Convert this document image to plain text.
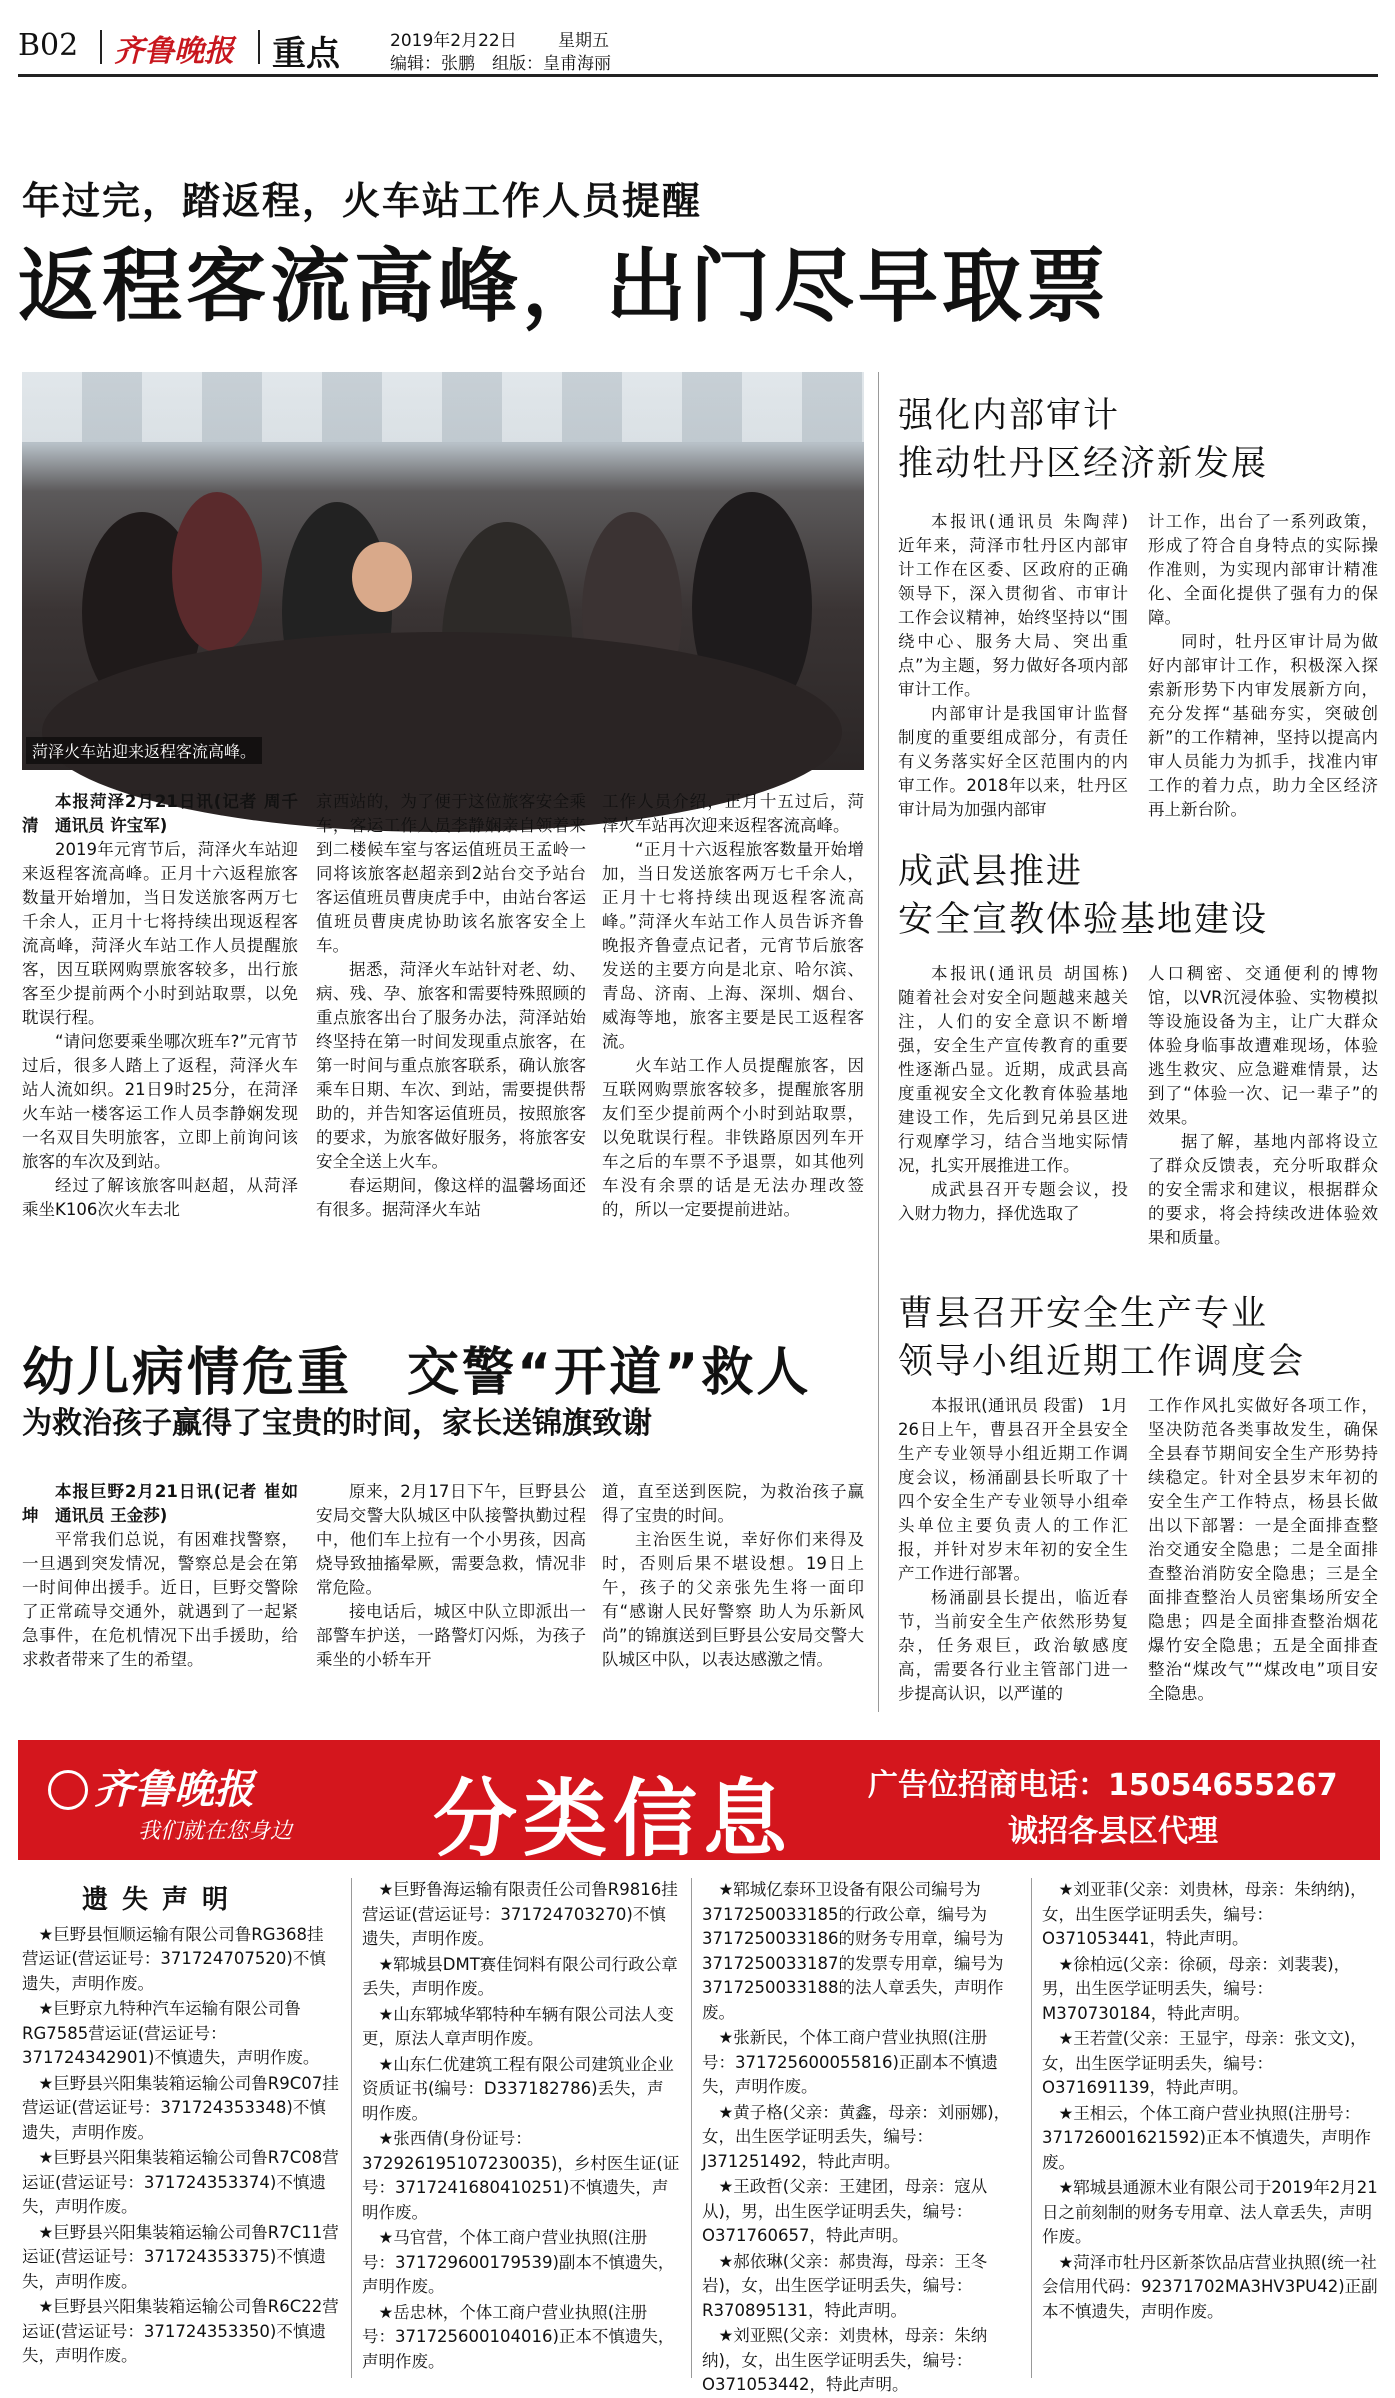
B02 齐鲁晚报 重点	2019年2月22日 星期五
编辑：张鹏　组版：皇甫海丽
年过完，踏返程，火车站工作人员提醒
返程客流高峰，出门尽早取票
菏泽火车站迎来返程客流高峰。

本报菏泽2月21日讯(记者 周千清　通讯员 许宝军)

2019年元宵节后，菏泽火车站迎来返程客流高峰。正月十六返程旅客数量开始增加，当日发送旅客两万七千余人，正月十七将持续出现返程客流高峰，菏泽火车站工作人员提醒旅客，因互联网购票旅客较多，出行旅客至少提前两个小时到站取票，以免耽误行程。

“请问您要乘坐哪次班车?”元宵节过后，很多人踏上了返程，菏泽火车站人流如织。21日9时25分，在菏泽火车站一楼客运工作人员李静娴发现一名双目失明旅客，立即上前询问该旅客的车次及到站。

经过了解该旅客叫赵超，从菏泽乘坐K106次火车去北

京西站的，为了便于这位旅客安全乘车，客运工作人员李静娴亲自领着来到二楼候车室与客运值班员王孟岭一同将该旅客赵超亲到2站台交予站台客运值班员曹庚虎手中，由站台客运值班员曹庚虎协助该名旅客安全上车。

据悉，菏泽火车站针对老、幼、病、残、孕、旅客和需要特殊照顾的重点旅客出台了服务办法，菏泽站始终坚持在第一时间发现重点旅客，在第一时间与重点旅客联系，确认旅客乘车日期、车次、到站，需要提供帮助的，并告知客运值班员，按照旅客的要求，为旅客做好服务，将旅客安安全全送上火车。

春运期间，像这样的温馨场面还有很多。据菏泽火车站

工作人员介绍，正月十五过后，菏泽火车站再次迎来返程客流高峰。

“正月十六返程旅客数量开始增加，当日发送旅客两万七千余人，正月十七将持续出现返程客流高峰。”菏泽火车站工作人员告诉齐鲁晚报齐鲁壹点记者，元宵节后旅客发送的主要方向是北京、哈尔滨、青岛、济南、上海、深圳、烟台、威海等地，旅客主要是民工返程客流。

火车站工作人员提醒旅客，因互联网购票旅客较多，提醒旅客朋友们至少提前两个小时到站取票，以免耽误行程。非铁路原因列车开车之后的车票不予退票，如其他列车没有余票的话是无法办理改签的，所以一定要提前进站。

强化内部审计
推动牡丹区经济新发展

本报讯(通讯员 朱陶萍)　近年来，菏泽市牡丹区内部审计工作在区委、区政府的正确领导下，深入贯彻省、市审计工作会议精神，始终坚持以“围绕中心、服务大局、突出重点”为主题，努力做好各项内部审计工作。

内部审计是我国审计监督制度的重要组成部分，有责任有义务落实好全区范围内的内审工作。2018年以来，牡丹区审计局为加强内部审

计工作，出台了一系列政策，形成了符合自身特点的实际操作准则，为实现内部审计精准化、全面化提供了强有力的保障。

同时，牡丹区审计局为做好内部审计工作，积极深入探索新形势下内审发展新方向，充分发挥“基础夯实，突破创新”的工作精神，坚持以提高内审人员能力为抓手，找准内审工作的着力点，助力全区经济再上新台阶。

成武县推进
安全宣教体验基地建设

本报讯(通讯员 胡国栋)　随着社会对安全问题越来越关注，人们的安全意识不断增强，安全生产宣传教育的重要性逐渐凸显。近期，成武县高度重视安全文化教育体验基地建设工作，先后到兄弟县区进行观摩学习，结合当地实际情况，扎实开展推进工作。

成武县召开专题会议，投入财力物力，择优选取了

人口稠密、交通便利的博物馆，以VR沉浸体验、实物模拟等设施设备为主，让广大群众体验身临事故遭难现场，体验逃生救灾、应急避难情景，达到了“体验一次、记一辈子”的效果。

据了解，基地内部将设立了群众反馈表，充分听取群众的安全需求和建议，根据群众的要求，将会持续改进体验效果和质量。

曹县召开安全生产专业
领导小组近期工作调度会

本报讯(通讯员 段雷)　1月26日上午，曹县召开全县安全生产专业领导小组近期工作调度会议，杨涌副县长听取了十四个安全生产专业领导小组牵头单位主要负责人的工作汇报，并针对岁末年初的安全生产工作进行部署。

杨涌副县长提出，临近春节，当前安全生产依然形势复杂，任务艰巨，政治敏感度高，需要各行业主管部门进一步提高认识，以严谨的

工作作风扎实做好各项工作，坚决防范各类事故发生，确保全县春节期间安全生产形势持续稳定。针对全县岁末年初的安全生产工作特点，杨县长做出以下部署：一是全面排查整治交通安全隐患；二是全面排查整治消防安全隐患；三是全面排查整治人员密集场所安全隐患；四是全面排查整治烟花爆竹安全隐患；五是全面排查整治“煤改气”“煤改电”项目安全隐患。

幼儿病情危重　交警“开道”救人
为救治孩子赢得了宝贵的时间，家长送锦旗致谢

本报巨野2月21日讯(记者 崔如坤　通讯员 王金莎)

平常我们总说，有困难找警察，一旦遇到突发情况，警察总是会在第一时间伸出援手。近日，巨野交警除了正常疏导交通外，就遇到了一起紧急事件，在危机情况下出手援助，给求救者带来了生的希望。

原来，2月17日下午，巨野县公安局交警大队城区中队接警执勤过程中，他们车上拉有一个小男孩，因高烧导致抽搐晕厥，需要急救，情况非常危险。

接电话后，城区中队立即派出一部警车护送，一路警灯闪烁，为孩子乘坐的小轿车开

道，直至送到医院，为救治孩子赢得了宝贵的时间。

主治医生说，幸好你们来得及时，否则后果不堪设想。19日上午，孩子的父亲张先生将一面印有“感谢人民好警察 助人为乐新风尚”的锦旗送到巨野县公安局交警大队城区中队，以表达感激之情。

齐鲁晚报
我们就在您身边 分类信息 广告位招商电话：15054655267
诚招各县区代理
遗失声明

★巨野县恒顺运输有限公司鲁RG368挂营运证(营运证号：371724707520)不慎遗失，声明作废。

★巨野京九特种汽车运输有限公司鲁RG7585营运证(营运证号：371724342901)不慎遗失，声明作废。

★巨野县兴阳集装箱运输公司鲁R9C07挂营运证(营运证号：371724353348)不慎遗失，声明作废。

★巨野县兴阳集装箱运输公司鲁R7C08营运证(营运证号：371724353374)不慎遗失，声明作废。

★巨野县兴阳集装箱运输公司鲁R7C11营运证(营运证号：371724353375)不慎遗失，声明作废。

★巨野县兴阳集装箱运输公司鲁R6C22营运证(营运证号：371724353350)不慎遗失，声明作废。

★巨野鲁海运输有限责任公司鲁R9816挂营运证(营运证号：371724703270)不慎遗失，声明作废。

★郓城县DMT赛佳饲料有限公司行政公章丢失，声明作废。

★山东郓城华郓特种车辆有限公司法人变更，原法人章声明作废。

★山东仁优建筑工程有限公司建筑业企业资质证书(编号：D337182786)丢失，声明作废。

★张西倩(身份证号：37292619510723003​5)，乡村医生证(证号：371724168041025​1)不慎遗失，声明作废。

★马官营，个体工商户营业执照(注册号：371729600179539)副本不慎遗失，声明作废。

★岳忠林，个体工商户营业执照(注册号：371725600104016)正本不慎遗失，声明作废。

★郓城亿泰环卫设备有限公司编号为3717250033185的行政公章，编号为3717250033186的财务专用章，编号为3717250033187的发票专用章，编号为3717250033188的法人章丢失，声明作废。

★张新民，个体工商户营业执照(注册号：371725600055816)正副本不慎遗失，声明作废。

★黄子格(父亲：黄鑫，母亲：刘丽娜)，女，出生医学证明丢失，编号：J371251492，特此声明。

★王政哲(父亲：王建团，母亲：寇从从)，男，出生医学证明丢失，编号：O371760657，特此声明。

★郝依琳(父亲：郝贵海，母亲：王冬岩)，女，出生医学证明丢失，编号：R370895131，特此声明。

★刘亚熙(父亲：刘贵林，母亲：朱纳纳)，女，出生医学证明丢失，编号：O371053442，特此声明。

★刘亚菲(父亲：刘贵林，母亲：朱纳纳)，女，出生医学证明丢失，编号：O371053441，特此声明。

★徐柏远(父亲：徐硕，母亲：刘裴裴)，男，出生医学证明丢失，编号：M370730184，特此声明。

★王若萱(父亲：王显宇，母亲：张文文)，女，出生医学证明丢失，编号：O371691139，特此声明。

★王相云，个体工商户营业执照(注册号：371726001621592)正本不慎遗失，声明作废。

★郓城县通源木业有限公司于2019年2月21日之前刻制的财务专用章、法人章丢失，声明作废。

★菏泽市牡丹区新茶饮品店营业执照(统一社会信用代码：92371702MA3HV3PU42)正副本不慎遗失，声明作废。
